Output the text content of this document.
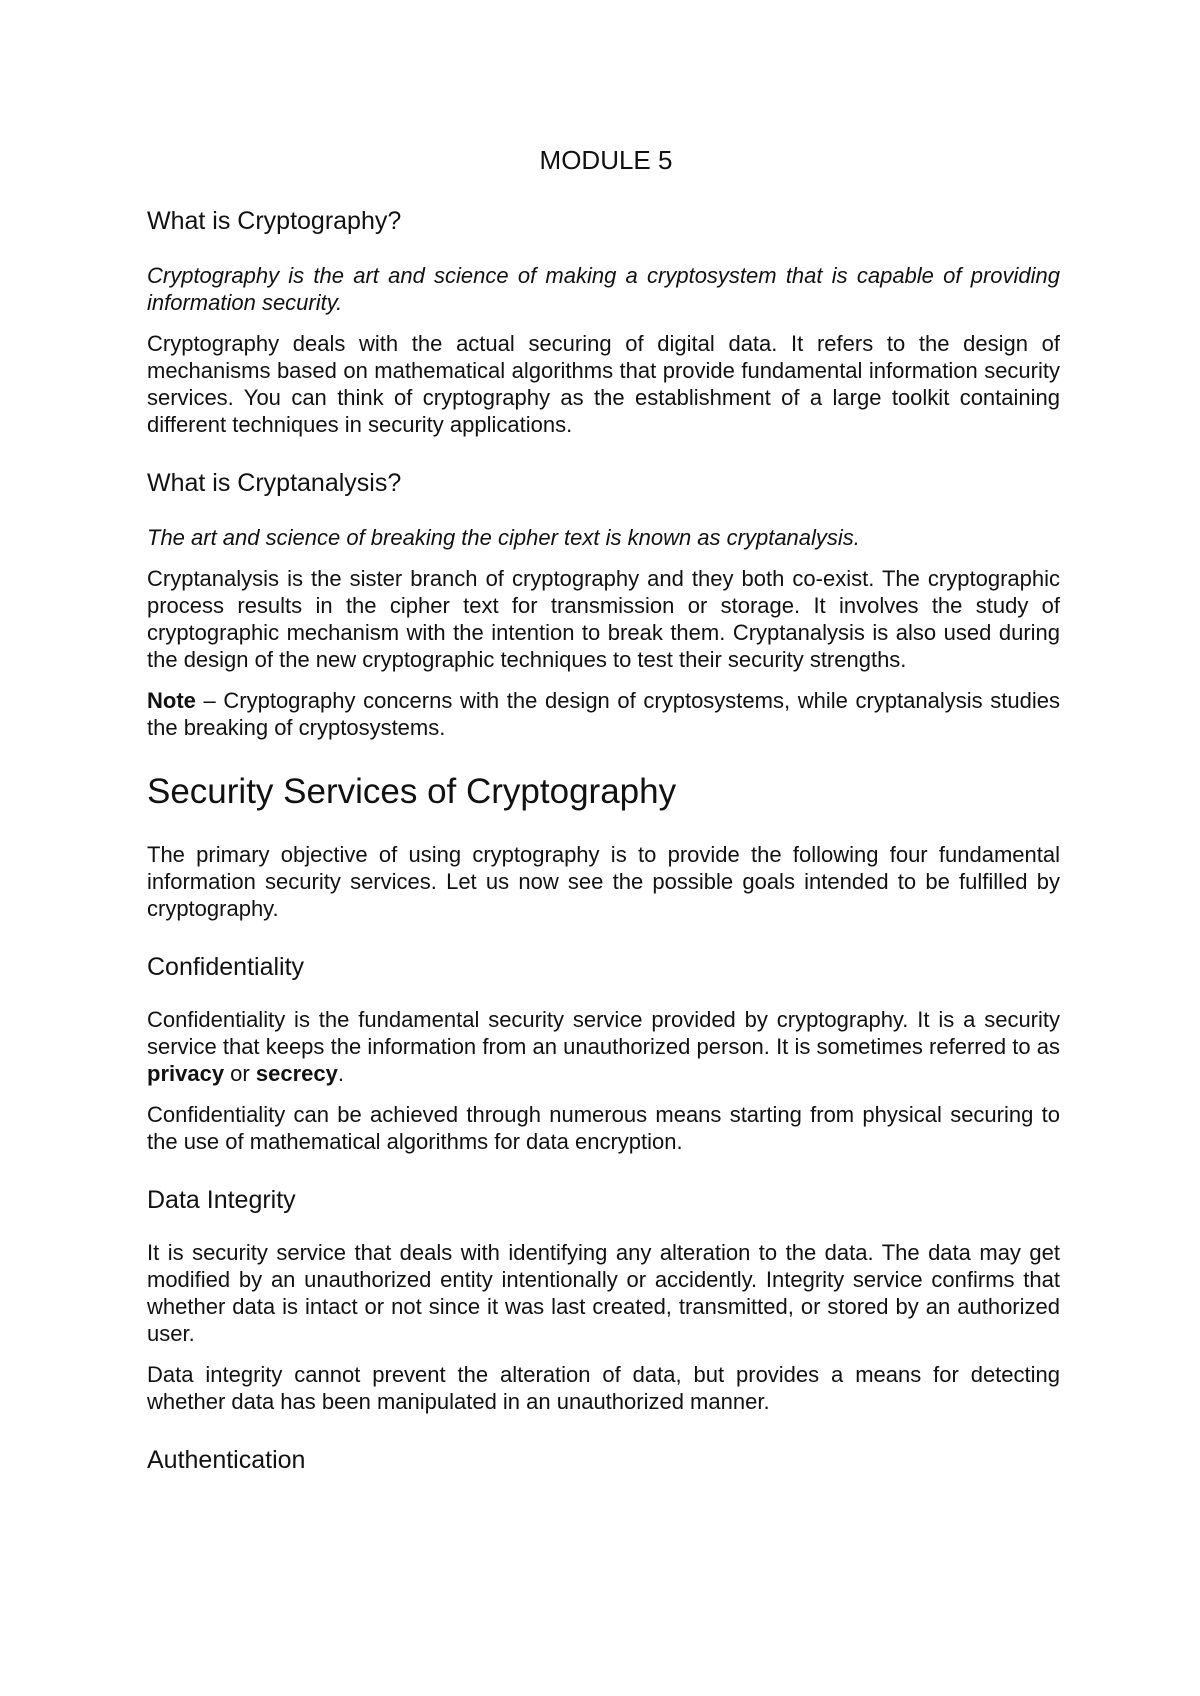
MODULE 5
What is Cryptography?

Cryptography is the art and science of making a cryptosystem that is capable of providing information security.

Cryptography deals with the actual securing of digital data. It refers to the design of mechanisms based on mathematical algorithms that provide fundamental information security services. You can think of cryptography as the establishment of a large toolkit containing different techniques in security applications.

What is Cryptanalysis?

The art and science of breaking the cipher text is known as cryptanalysis.

Cryptanalysis is the sister branch of cryptography and they both co-exist. The cryptographic process results in the cipher text for transmission or storage. It involves the study of cryptographic mechanism with the intention to break them. Cryptanalysis is also used during the design of the new cryptographic techniques to test their security strengths.

Note – Cryptography concerns with the design of cryptosystems, while cryptanalysis studies the breaking of cryptosystems.

Security Services of Cryptography

The primary objective of using cryptography is to provide the following four fundamental information security services. Let us now see the possible goals intended to be fulfilled by cryptography.

Confidentiality

Confidentiality is the fundamental security service provided by cryptography. It is a security service that keeps the information from an unauthorized person. It is sometimes referred to as privacy or secrecy.

Confidentiality can be achieved through numerous means starting from physical securing to the use of mathematical algorithms for data encryption.

Data Integrity

It is security service that deals with identifying any alteration to the data. The data may get modified by an unauthorized entity intentionally or accidently. Integrity service confirms that whether data is intact or not since it was last created, transmitted, or stored by an authorized user.

Data integrity cannot prevent the alteration of data, but provides a means for detecting whether data has been manipulated in an unauthorized manner.

Authentication
